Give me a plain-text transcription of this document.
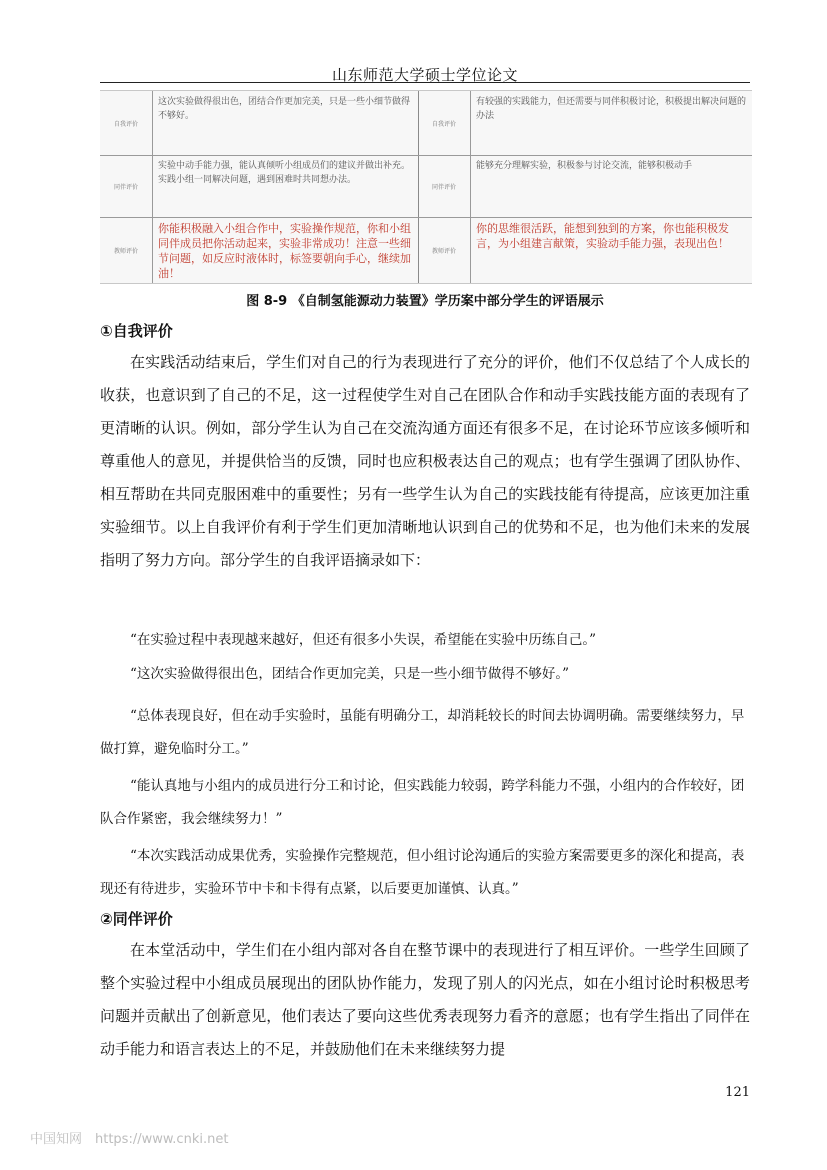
山东师范大学硕士学位论文
自我评价
这次实验做得很出色，团结合作更加完美，只是一些小细节做得不够好。
同伴评价
实验中动手能力强，能认真倾听小组成员们的建议并做出补充。实践小组一同解决问题，遇到困难时共同想办法。
教师评价
你能积极融入小组合作中，实验操作规范，你和小组同伴成员把你活动起来，实验非常成功！注意一些细节问题，如反应时液体时，标签要朝向手心，继续加油！
自我评价
有较强的实践能力，但还需要与同伴积极讨论，积极提出解决问题的办法
同伴评价
能够充分理解实验，积极参与讨论交流，能够积极动手
教师评价
你的思维很活跃，能想到独到的方案，你也能积极发言，为小组建言献策，实验动手能力强，表现出色！
图 8-9 《自制氢能源动力装置》学历案中部分学生的评语展示
①自我评价
在实践活动结束后，学生们对自己的行为表现进行了充分的评价，他们不仅总结了个人成长的收获，也意识到了自己的不足，这一过程使学生对自己在团队合作和动手实践技能方面的表现有了更清晰的认识。例如，部分学生认为自己在交流沟通方面还有很多不足，在讨论环节应该多倾听和尊重他人的意见，并提供恰当的反馈，同时也应积极表达自己的观点；也有学生强调了团队协作、相互帮助在共同克服困难中的重要性；另有一些学生认为自己的实践技能有待提高，应该更加注重实验细节。以上自我评价有利于学生们更加清晰地认识到自己的优势和不足，也为他们未来的发展指明了努力方向。部分学生的自我评语摘录如下：
“在实验过程中表现越来越好，但还有很多小失误，希望能在实验中历练自己。”
“这次实验做得很出色，团结合作更加完美，只是一些小细节做得不够好。”
“总体表现良好，但在动手实验时，虽能有明确分工，却消耗较长的时间去协调明确。需要继续努力，早做打算，避免临时分工。”
“能认真地与小组内的成员进行分工和讨论，但实践能力较弱，跨学科能力不强，小组内的合作较好，团队合作紧密，我会继续努力！”
“本次实践活动成果优秀，实验操作完整规范，但小组讨论沟通后的实验方案需要更多的深化和提高，表现还有待进步，实验环节中卡和卡得有点紧，以后要更加谨慎、认真。”
②同伴评价
在本堂活动中，学生们在小组内部对各自在整节课中的表现进行了相互评价。一些学生回顾了整个实验过程中小组成员展现出的团队协作能力，发现了别人的闪光点，如在小组讨论时积极思考问题并贡献出了创新意见，他们表达了要向这些优秀表现努力看齐的意愿；也有学生指出了同伴在动手能力和语言表达上的不足，并鼓励他们在未来继续努力提
121
中国知网　https://www.cnki.net
